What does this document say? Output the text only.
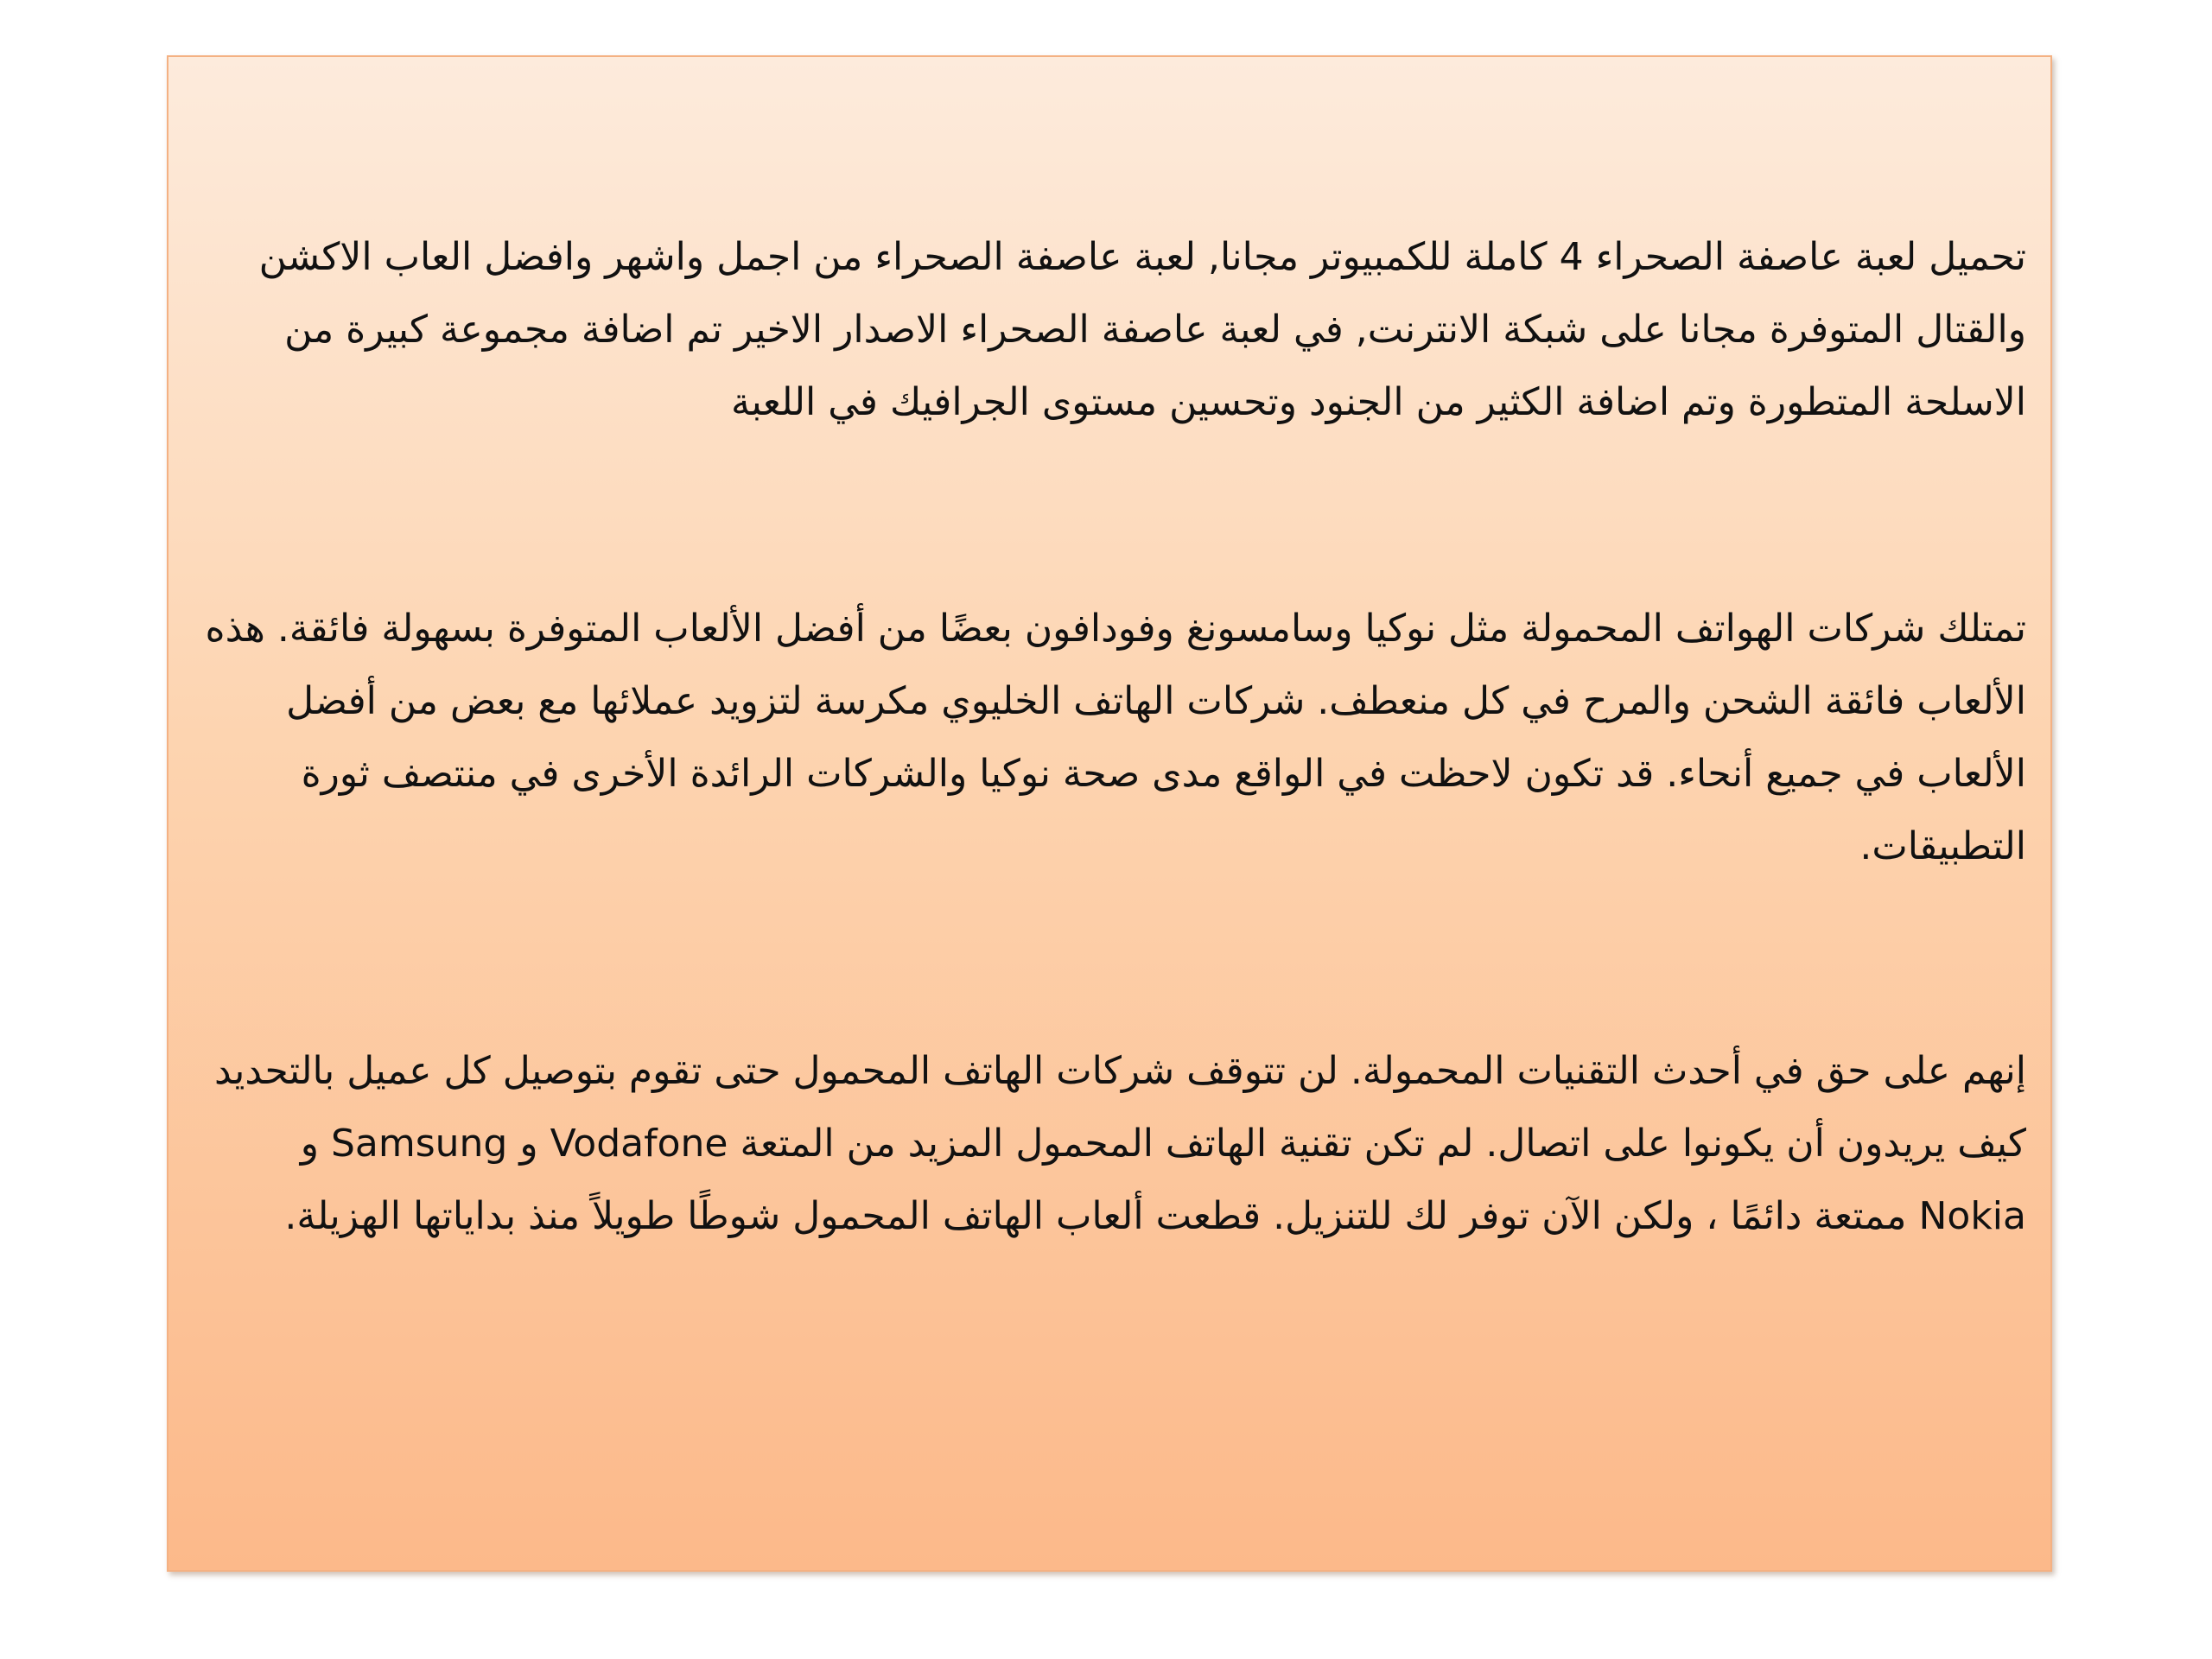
تحميل لعبة عاصفة الصحراء 4 كاملة للكمبيوتر مجانا, لعبة عاصفة الصحراء من اجمل واشهر وافضل العاب الاكشن والقتال المتوفرة مجانا على شبكة الانترنت, في لعبة عاصفة الصحراء الاصدار الاخير تم اضافة مجموعة كبيرة من الاسلحة المتطورة وتم اضافة الكثير من الجنود وتحسين مستوى الجرافيك في اللعبة

تمتلك شركات الهواتف المحمولة مثل نوكيا وسامسونغ وفودافون بعضًا من أفضل الألعاب المتوفرة بسهولة فائقة. هذه الألعاب فائقة الشحن والمرح في كل منعطف. شركات الهاتف الخليوي مكرسة لتزويد عملائها مع بعض من أفضل الألعاب في جميع أنحاء. قد تكون لاحظت في الواقع مدى صحة نوكيا والشركات الرائدة الأخرى في منتصف ثورة التطبيقات.

إنهم على حق في أحدث التقنيات المحمولة. لن تتوقف شركات الهاتف المحمول حتى تقوم بتوصيل كل عميل بالتحديد كيف يريدون أن يكونوا على اتصال. لم تكن تقنية الهاتف المحمول المزيد من المتعة Vodafone و Samsung و Nokia ممتعة دائمًا ، ولكن الآن توفر لك للتنزيل. قطعت ألعاب الهاتف المحمول شوطًا طويلاً منذ بداياتها الهزيلة.
